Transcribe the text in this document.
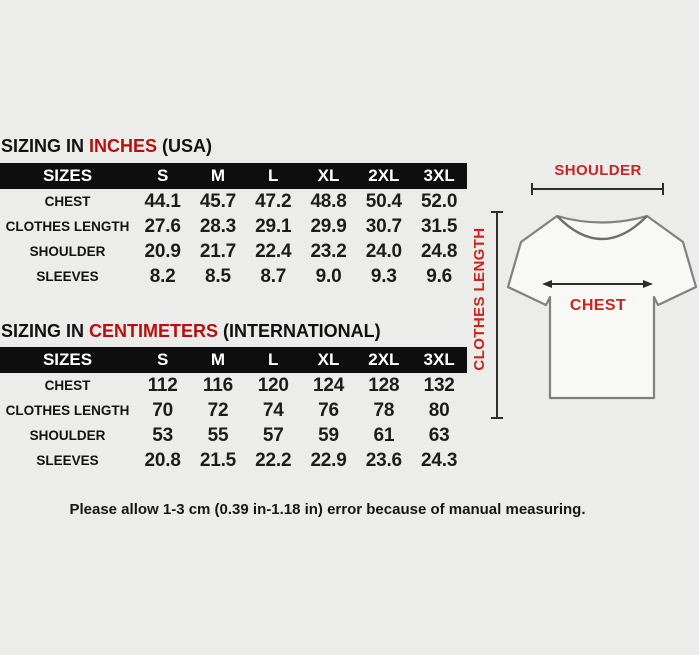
SIZING IN INCHES (USA)
SIZES	S	M	L	XL	2XL	3XL
CHEST	44.1	45.7	47.2	48.8	50.4	52.0
CLOTHES LENGTH 27.6	28.3	29.1	29.9	30.7	31.5
SHOULDER	20.9	21.7	22.4	23.2	24.0	24.8
SLEEVES	8.2	8.5	8.7	9.0	9.3	9.6
SIZING IN CENTIMETERS (INTERNATIONAL)
SIZES	S	M	L	XL	2XL	3XL
CHEST	112	116	120	124	128	132
CLOTHES LENGTH	70	72	74	76	78	80
SHOULDER	53	55	57	59	61	63
SLEEVES	20.8	21.5	22.2	22.9	23.6	24.3
SHOULDER
CHEST
CLOTHES LENGTH
Please allow 1-3 cm (0.39 in-1.18 in) error because of manual measuring.
